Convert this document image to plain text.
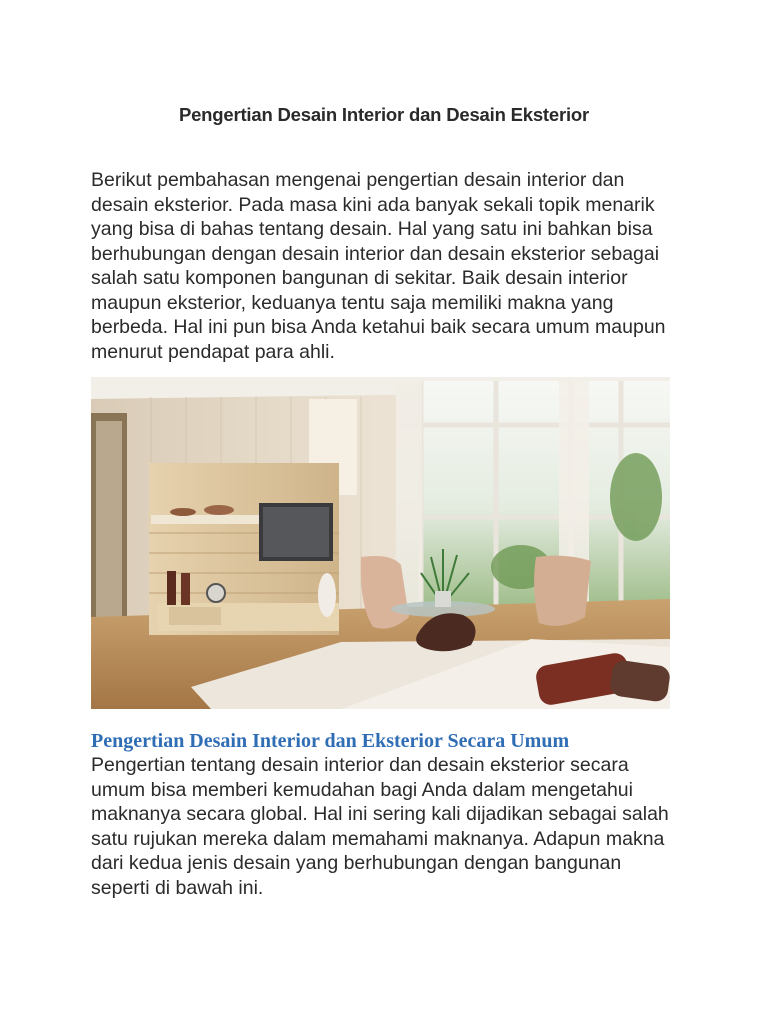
Pengertian Desain Interior dan Desain Eksterior

Berikut pembahasan mengenai pengertian desain interior dan desain eksterior. Pada masa kini ada banyak sekali topik menarik yang bisa di bahas tentang desain. Hal yang satu ini bahkan bisa berhubungan dengan desain interior dan desain eksterior sebagai salah satu komponen bangunan di sekitar. Baik desain interior maupun eksterior, keduanya tentu saja memiliki makna yang berbeda. Hal ini pun bisa Anda ketahui baik secara umum maupun menurut pendapat para ahli.

Pengertian Desain Interior dan Eksterior Secara Umum

Pengertian tentang desain interior dan desain eksterior secara umum bisa memberi kemudahan bagi Anda dalam mengetahui maknanya secara global. Hal ini sering kali dijadikan sebagai salah satu rujukan mereka dalam memahami maknanya. Adapun makna dari kedua jenis desain yang berhubungan dengan bangunan seperti di bawah ini.
